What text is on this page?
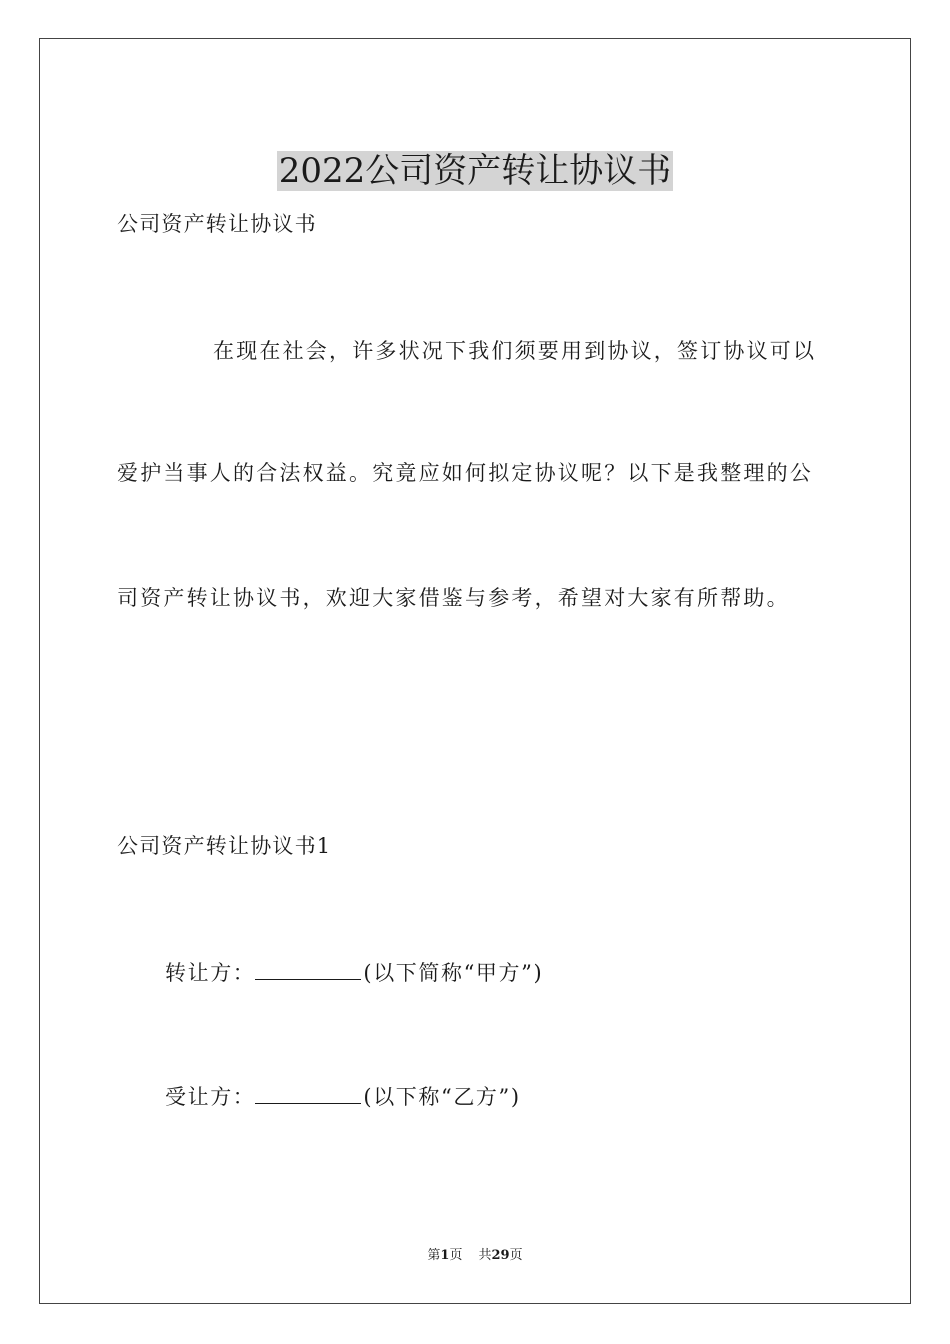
2022公司资产转让协议书
公司资产转让协议书
在现在社会，许多状况下我们须要用到协议，签订协议可以
爱护当事人的合法权益。究竟应如何拟定协议呢？以下是我整理的公
司资产转让协议书，欢迎大家借鉴与参考，希望对大家有所帮助。
公司资产转让协议书1
转让方：	(以下简称“甲方”)
受让方：	(以下称“乙方”)
第1页 共29页
